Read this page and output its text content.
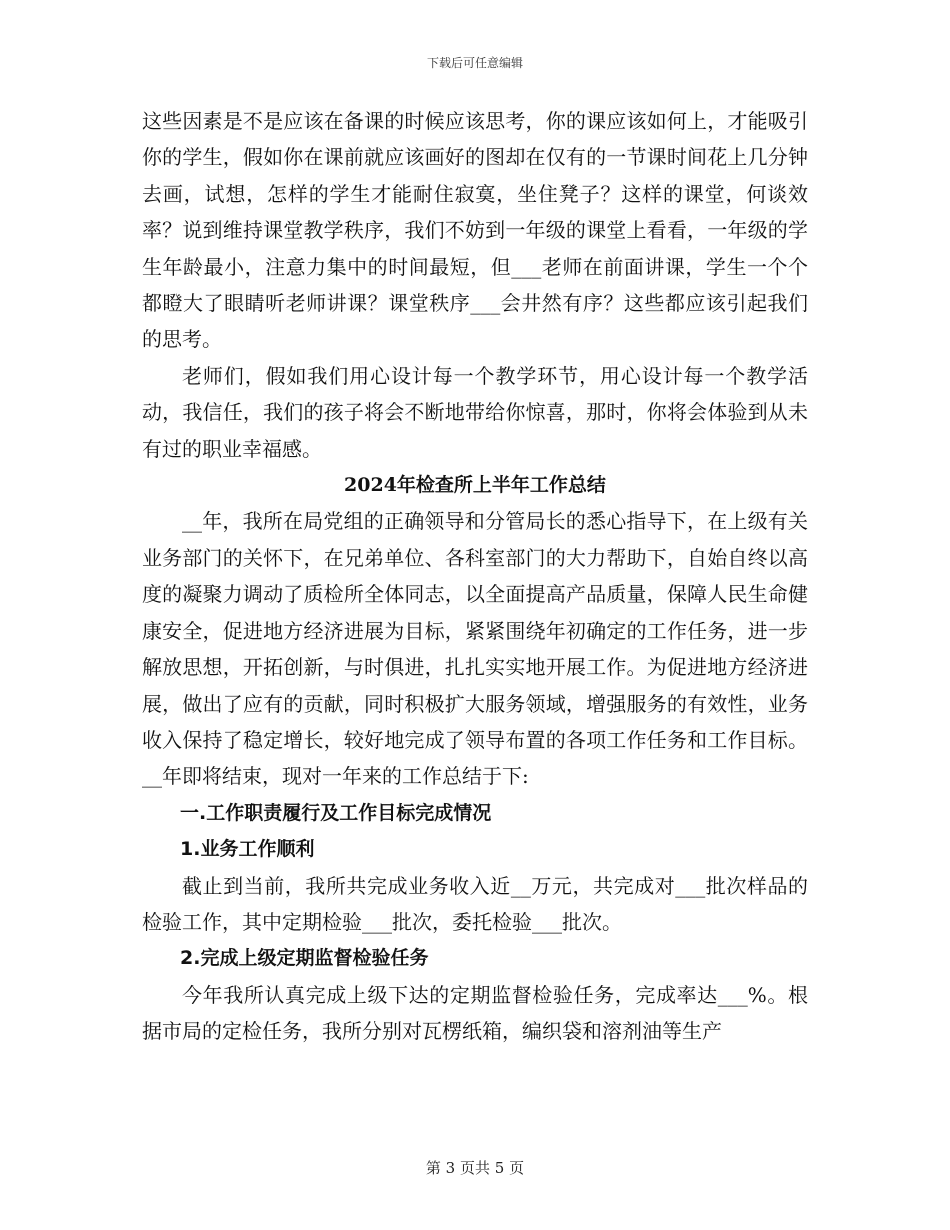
下载后可任意编辑

这些因素是不是应该在备课的时候应该思考，你的课应该如何上，才能吸引你的学生，假如你在课前就应该画好的图却在仅有的一节课时间花上几分钟去画，试想，怎样的学生才能耐住寂寞，坐住凳子？这样的课堂，何谈效率？说到维持课堂教学秩序，我们不妨到一年级的课堂上看看，一年级的学生年龄最小，注意力集中的时间最短，但___老师在前面讲课，学生一个个都瞪大了眼睛听老师讲课？课堂秩序___会井然有序？这些都应该引起我们的思考。

老师们，假如我们用心设计每一个教学环节，用心设计每一个教学活动，我信任，我们的孩子将会不断地带给你惊喜，那时，你将会体验到从未有过的职业幸福感。

2024年检查所上半年工作总结

__年，我所在局党组的正确领导和分管局长的悉心指导下，在上级有关业务部门的关怀下，在兄弟单位、各科室部门的大力帮助下，自始自终以高度的凝聚力调动了质检所全体同志，以全面提高产品质量，保障人民生命健康安全，促进地方经济进展为目标，紧紧围绕年初确定的工作任务，进一步解放思想，开拓创新，与时俱进，扎扎实实地开展工作。为促进地方经济进展，做出了应有的贡献，同时积极扩大服务领域，增强服务的有效性，业务收入保持了稳定增长，较好地完成了领导布置的各项工作任务和工作目标。__年即将结束，现对一年来的工作总结于下:

一.工作职责履行及工作目标完成情况

1.业务工作顺利

截止到当前，我所共完成业务收入近__万元，共完成对___批次样品的检验工作，其中定期检验___批次，委托检验___批次。

2.完成上级定期监督检验任务

今年我所认真完成上级下达的定期监督检验任务，完成率达___%。根据市局的定检任务，我所分别对瓦楞纸箱，编织袋和溶剂油等生产

第 3 页共 5 页
